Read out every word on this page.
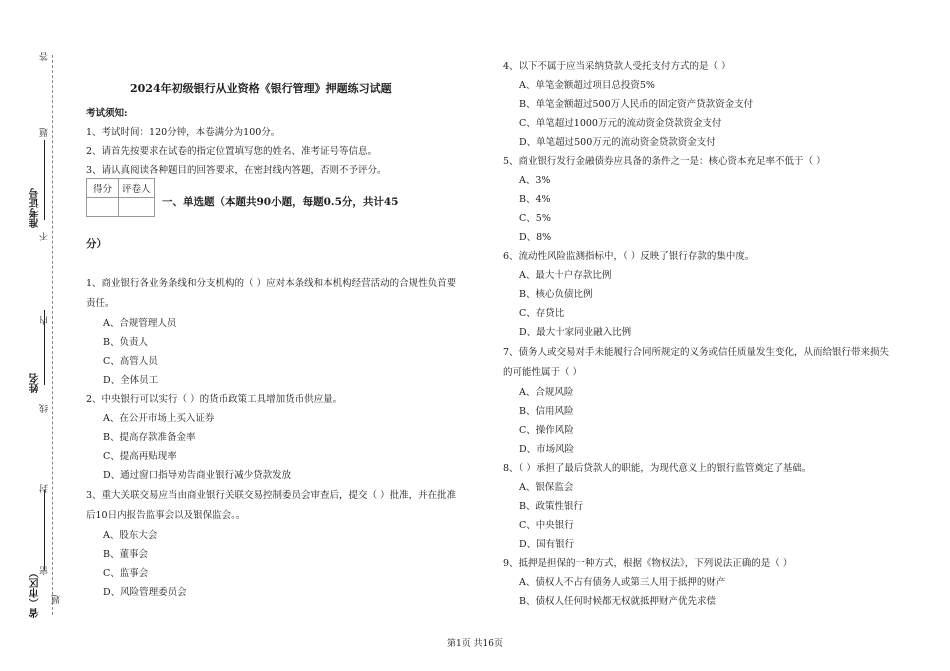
答
题
准考证号
不
内
姓名
线
封
密
省（市区） 题
2024年初级银行从业资格《银行管理》押题练习试题
考试须知:
1、考试时间：120分钟，本卷满分为100分。
2、请首先按要求在试卷的指定位置填写您的姓名、准考证号等信息。
3、请认真阅读各种题目的回答要求，在密封线内答题，否则不予评分。
得分	评卷人

一、单选题（本题共90小题，每题0.5分，共计45
分）
1、商业银行各业务条线和分支机构的（ ）应对本条线和本机构经营活动的合规性负首要
责任。
A、合规管理人员
B、负责人
C、高管人员
D、全体员工
2、中央银行可以实行（ ）的货币政策工具增加货币供应量。
A、在公开市场上买入证券
B、提高存款准备金率
C、提高再贴现率
D、通过窗口指导劝告商业银行减少贷款发放
3、重大关联交易应当由商业银行关联交易控制委员会审查后，提交（ ）批准，并在批准
后10日内报告监事会以及银保监会。。
A、股东大会
B、董事会
C、监事会
D、风险管理委员会
4、以下不属于应当采纳贷款人受托支付方式的是（ ）
A、单笔金额超过项目总投资5%
B、单笔金额超过500万人民币的固定资产贷款资金支付
C、单笔超过1000万元的流动资金贷款资金支付
D、单笔超过500万元的流动资金贷款资金支付
5、商业银行发行金融债券应具备的条件之一是：核心资本充足率不低于（ ）
A、3%
B、4%
C、5%
D、8%
6、流动性风险监测指标中，（ ）反映了银行存款的集中度。
A、最大十户存款比例
B、核心负债比例
C、存贷比
D、最大十家同业融入比例
7、债务人或交易对手未能履行合同所规定的义务或信任质量发生变化，从而给银行带来损失
的可能性属于（ ）
A、合规风险
B、信用风险
C、操作风险
D、市场风险
8、（ ）承担了最后贷款人的职能，为现代意义上的银行监管奠定了基础。
A、银保监会
B、政策性银行
C、中央银行
D、国有银行
9、抵押是担保的一种方式，根据《物权法》，下列说法正确的是（ ）
A、债权人不占有债务人或第三人用于抵押的财产
B、债权人任何时候都无权就抵押财产优先求偿
第1页 共16页
